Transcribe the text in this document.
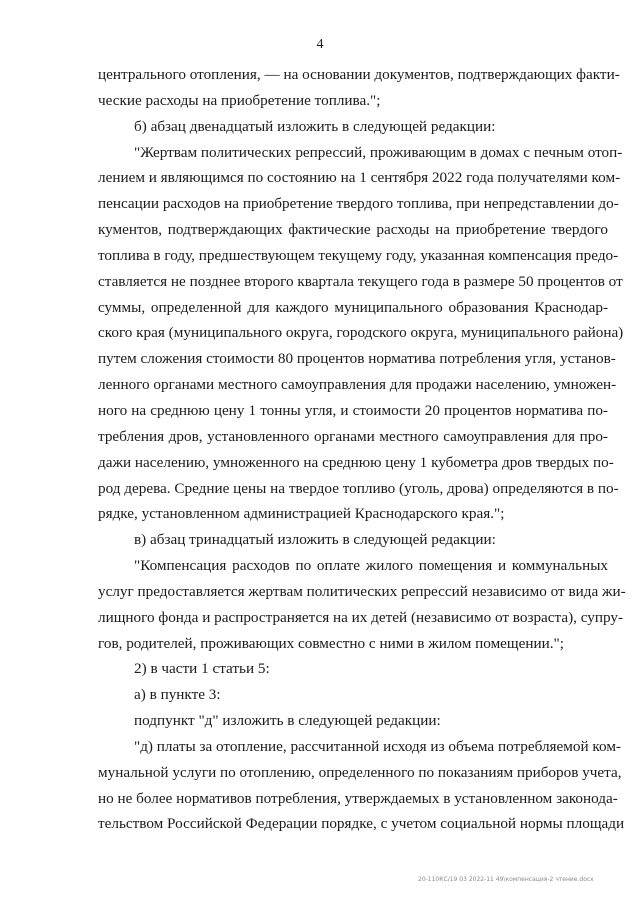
4
центрального отопления, — на основании документов, подтверждающих факти-
ческие расходы на приобретение топлива.";
б) абзац двенадцатый изложить в следующей редакции:
"Жертвам политических репрессий, проживающим в домах с печным отоп-
лением и являющимся по состоянию на 1 сентября 2022 года получателями ком-
пенсации расходов на приобретение твердого топлива, при непредставлении до-
кументов, подтверждающих фактические расходы на приобретение твердого
топлива в году, предшествующем текущему году, указанная компенсация предо-
ставляется не позднее второго квартала текущего года в размере 50 процентов от
суммы, определенной для каждого муниципального образования Краснодар-
ского края (муниципального округа, городского округа, муниципального района)
путем сложения стоимости 80 процентов норматива потребления угля, установ-
ленного органами местного самоуправления для продажи населению, умножен-
ного на среднюю цену 1 тонны угля, и стоимости 20 процентов норматива по-
требления дров, установленного органами местного самоуправления для про-
дажи населению, умноженного на среднюю цену 1 кубометра дров твердых по-
род дерева. Средние цены на твердое топливо (уголь, дрова) определяются в по-
рядке, установленном администрацией Краснодарского края.";
в) абзац тринадцатый изложить в следующей редакции:
"Компенсация расходов по оплате жилого помещения и коммунальных
услуг предоставляется жертвам политических репрессий независимо от вида жи-
лищного фонда и распространяется на их детей (независимо от возраста), супру-
гов, родителей, проживающих совместно с ними в жилом помещении.";
2) в части 1 статьи 5:
а) в пункте 3:
подпункт "д" изложить в следующей редакции:
"д) платы за отопление, рассчитанной исходя из объема потребляемой ком-
мунальной услуги по отоплению, определенного по показаниям приборов учета,
но не более нормативов потребления, утверждаемых в установленном законода-
тельством Российской Федерации порядке, с учетом социальной нормы площади
20-110КС/19 03 2022-11 49\компенсация-2 чтение.docx
